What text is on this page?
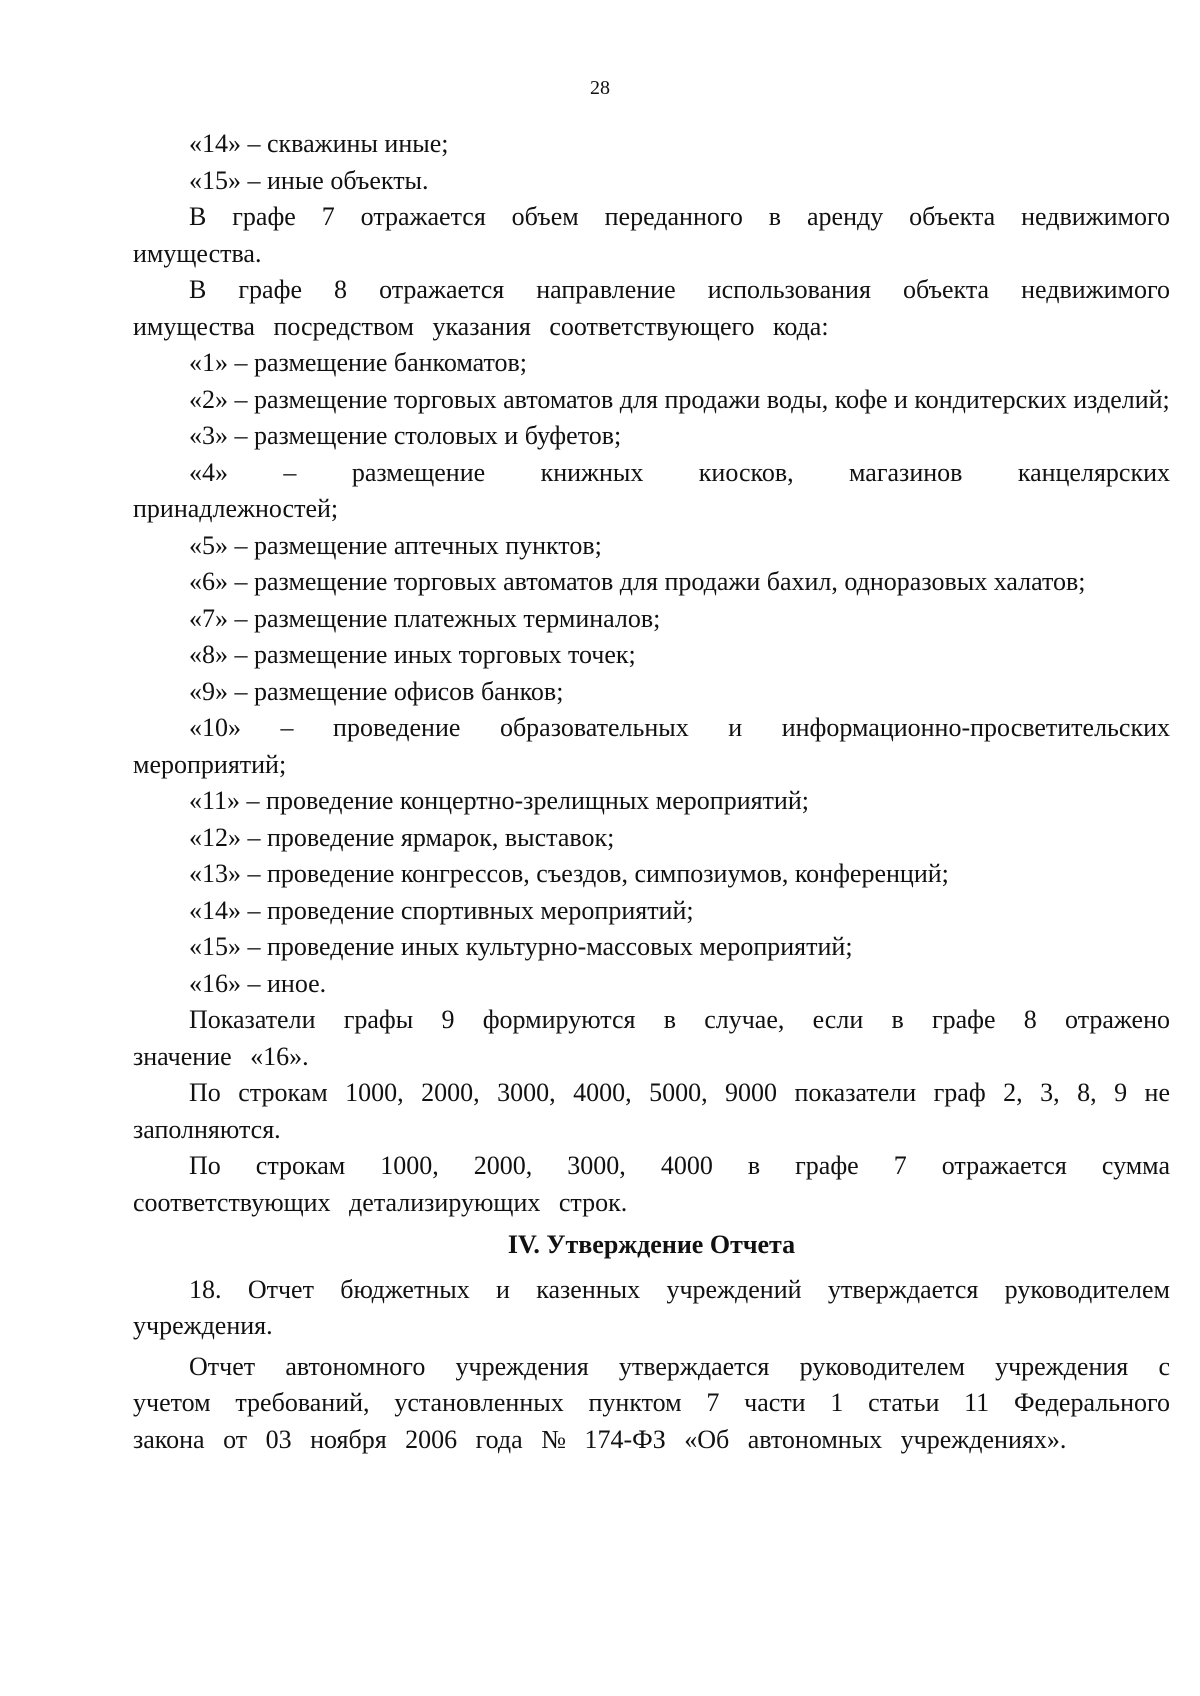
28

«14» – скважины иные;

«15» – иные объекты.

В графе 7 отражается объем переданного в аренду объекта недвижимого имущества.

В графе 8 отражается направление использования объекта недвижимого имущества посредством указания соответствующего кода:

«1» – размещение банкоматов;

«2» – размещение торговых автоматов для продажи воды, кофе и кондитерских изделий;

«3» – размещение столовых и буфетов;

«4» – размещение книжных киосков, магазинов канцелярских принадлежностей;

«5» – размещение аптечных пунктов;

«6» – размещение торговых автоматов для продажи бахил, одноразовых халатов;

«7» – размещение платежных терминалов;

«8» – размещение иных торговых точек;

«9» – размещение офисов банков;

«10» – проведение образовательных и информационно-просветительских мероприятий;

«11» – проведение концертно-зрелищных мероприятий;

«12» – проведение ярмарок, выставок;

«13» – проведение конгрессов, съездов, симпозиумов, конференций;

«14» – проведение спортивных мероприятий;

«15» – проведение иных культурно-массовых мероприятий;

«16» – иное.

Показатели графы 9 формируются в случае, если в графе 8 отражено значение «16».

По строкам 1000, 2000, 3000, 4000, 5000, 9000 показатели граф 2, 3, 8, 9 не заполняются.

По строкам 1000, 2000, 3000, 4000 в графе 7 отражается сумма соответствующих детализирующих строк.

IV. Утверждение Отчета

18. Отчет бюджетных и казенных учреждений утверждается руководителем учреждения.

Отчет автономного учреждения утверждается руководителем учреждения с учетом требований, установленных пунктом 7 части 1 статьи 11 Федерального закона от 03 ноября 2006 года № 174-ФЗ «Об автономных учреждениях».
